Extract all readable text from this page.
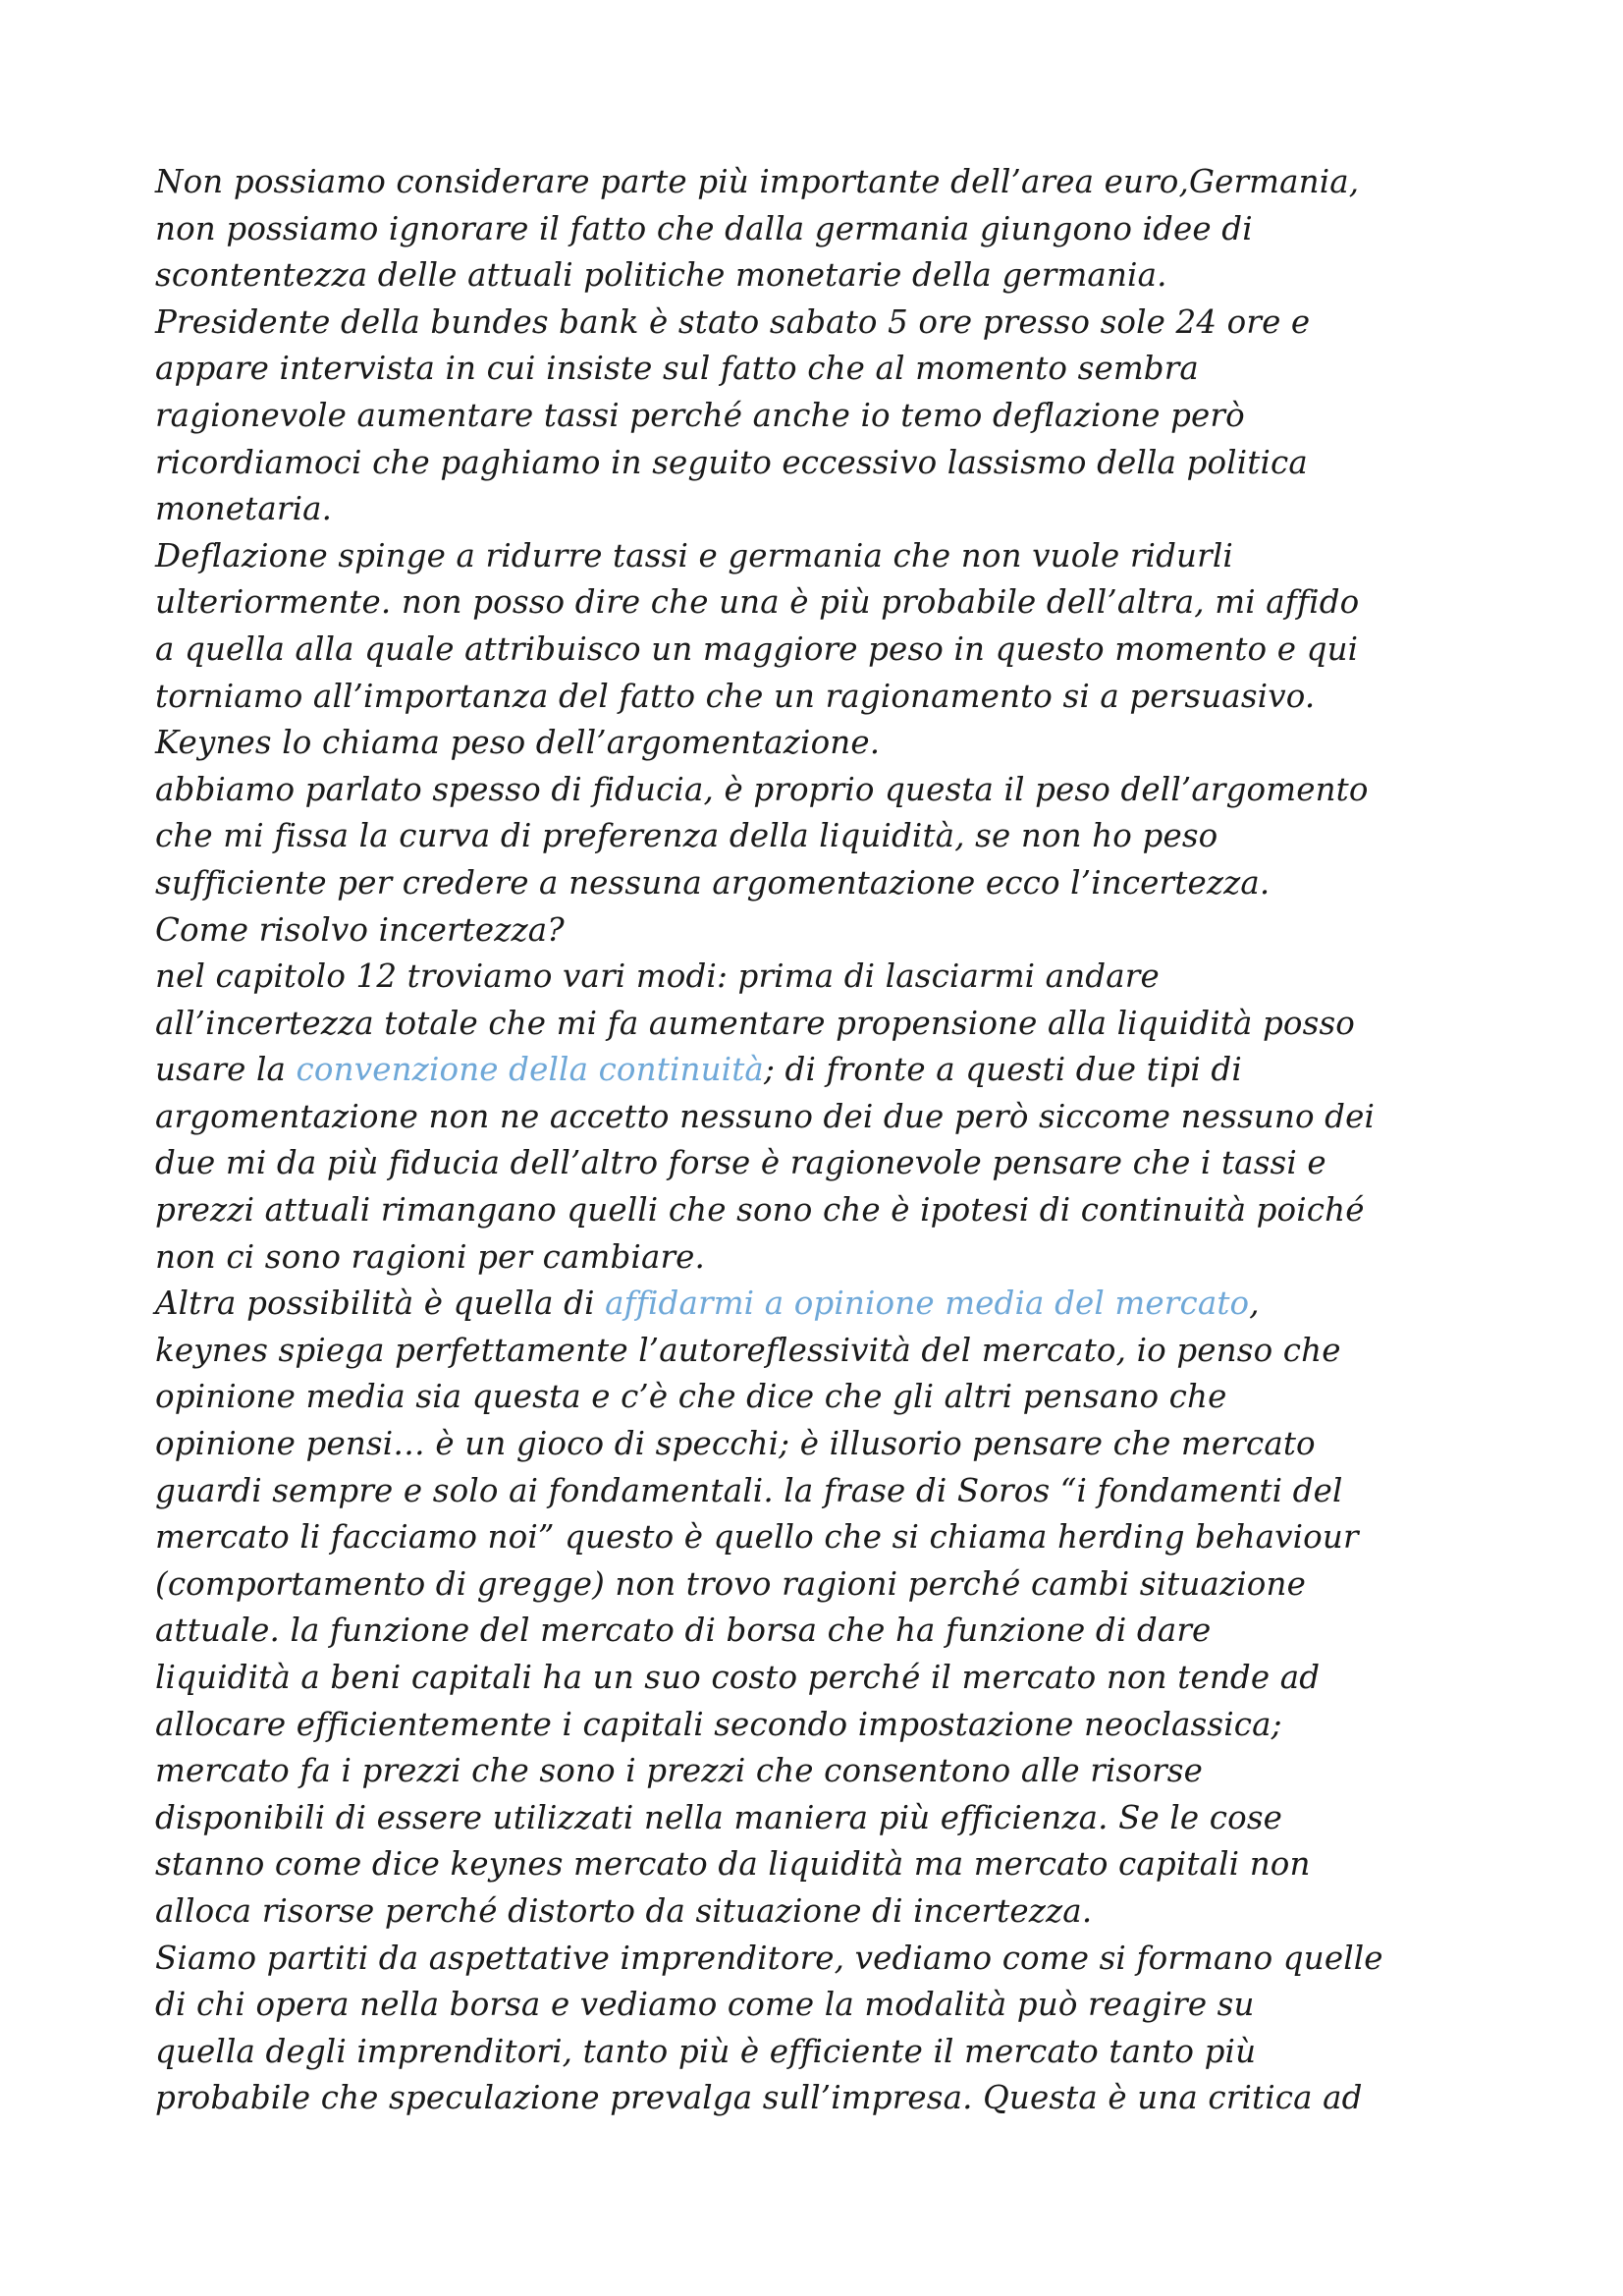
Non possiamo considerare parte più importante dell’area euro,Germania,
non possiamo ignorare il fatto che dalla germania giungono idee di
scontentezza delle attuali politiche monetarie della germania.
Presidente della bundes bank è stato sabato 5 ore presso sole 24 ore e
appare intervista in cui insiste sul fatto che al momento sembra
ragionevole aumentare tassi perché anche io temo deflazione però
ricordiamoci che paghiamo in seguito eccessivo lassismo della politica
monetaria.
Deflazione spinge a ridurre tassi e germania che non vuole ridurli
ulteriormente. non posso dire che una è più probabile dell’altra, mi affido
a quella alla quale attribuisco un maggiore peso in questo momento e qui
torniamo all’importanza del fatto che un ragionamento si a persuasivo.
Keynes lo chiama peso dell’argomentazione.
abbiamo parlato spesso di fiducia, è proprio questa il peso dell’argomento
che mi fissa la curva di preferenza della liquidità, se non ho peso
sufficiente per credere a nessuna argomentazione ecco l’incertezza.
Come risolvo incertezza?
nel capitolo 12 troviamo vari modi: prima di lasciarmi andare
all’incertezza totale che mi fa aumentare propensione alla liquidità posso
usare la convenzione della continuità; di fronte a questi due tipi di
argomentazione non ne accetto nessuno dei due però siccome nessuno dei
due mi da più fiducia dell’altro forse è ragionevole pensare che i tassi e
prezzi attuali rimangano quelli che sono che è ipotesi di continuità poiché
non ci sono ragioni per cambiare.
Altra possibilità è quella di affidarmi a opinione media del mercato,
keynes spiega perfettamente l’autoreflessività del mercato, io penso che
opinione media sia questa e c’è che dice che gli altri pensano che
opinione pensi… è un gioco di specchi; è illusorio pensare che mercato
guardi sempre e solo ai fondamentali. la frase di Soros “i fondamenti del
mercato li facciamo noi” questo è quello che si chiama herding behaviour
(comportamento di gregge) non trovo ragioni perché cambi situazione
attuale. la funzione del mercato di borsa che ha funzione di dare
liquidità a beni capitali ha un suo costo perché il mercato non tende ad
allocare efficientemente i capitali secondo impostazione neoclassica;
mercato fa i prezzi che sono i prezzi che consentono alle risorse
disponibili di essere utilizzati nella maniera più efficienza. Se le cose
stanno come dice keynes mercato da liquidità ma mercato capitali non
alloca risorse perché distorto da situazione di incertezza.
Siamo partiti da aspettative imprenditore, vediamo come si formano quelle
di chi opera nella borsa e vediamo come la modalità può reagire su
quella degli imprenditori, tanto più è efficiente il mercato tanto più
probabile che speculazione prevalga sull’impresa. Questa è una critica ad
